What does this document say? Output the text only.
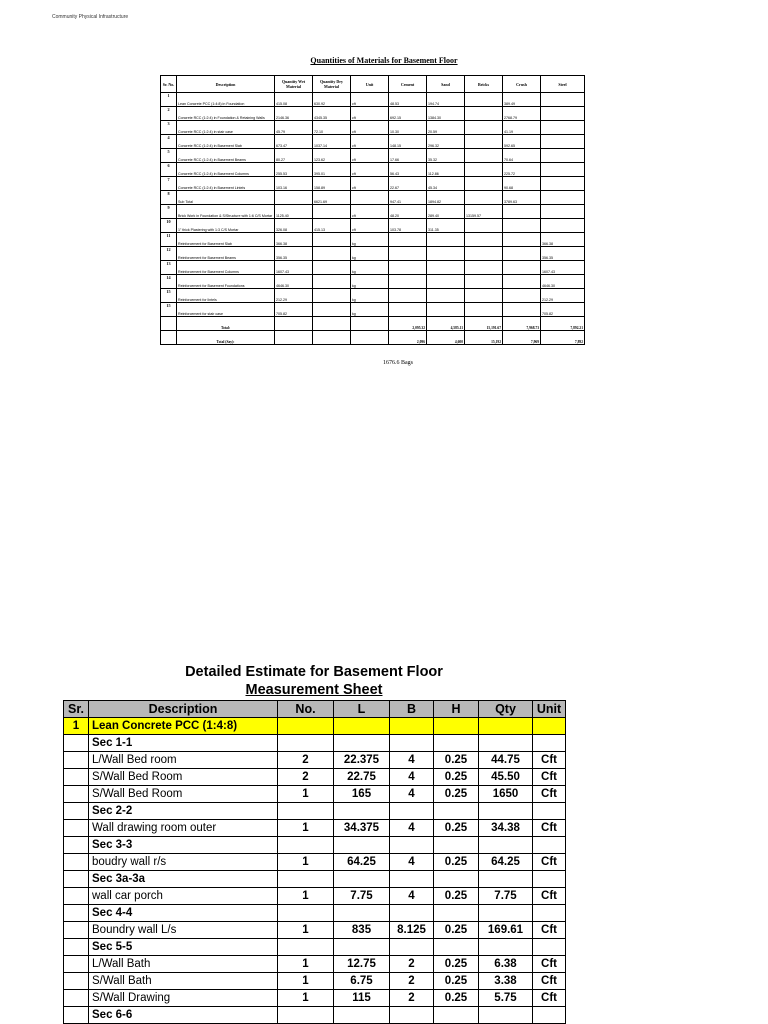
Community Physical Infrastructure
Quantities of Materials for Basement Floor
Sr. No.	Description	Quantity Wet Material	Quantity Dry Material	Unit	Cement	Sand	Bricks	Crush	Steel
1	Lean Concrete PCC (1:4:8) in Foundation	415.08	630.92	cft	48.53	194.74		389.49	
2	Concrete RCC (1:2:4) in Foundation & Retaining Walls	2146.36	4345.35	cft	692.15	1384.30		2768.79	
3	Concrete RCC (1:2:4) in stair case	45.79	72.10	cft	10.30	20.59		41.19	
4	Concrete RCC (1:2:4) in Basement Slab	673.47	1037.14	cft	148.15	296.32		592.65	
5	Concrete RCC (1:2:4) in Basement Beams	80.27	123.62	cft	17.66	35.32		70.64	
6	Concrete RCC (1:2:4) in Basement Columns	255.53	395.01	cft	56.43	112.86		225.72	
7	Concrete RCC (1:2:4) in Basement Lintels	103.16	158.89	cft	22.67	45.34		90.68	
8	Sub Total		6621.69		947.41	1894.82		3789.63	
9	Brick Work in Foundation & S/Structure with 1:6 C/S Mortar	1125.40		cft	48.20	289.40	13159.57		
10	1" thick Plastering with 1:3 C/S Mortar	326.08	415.13	cft	103.78	311.35			
11	Reinforcement for Basement Slab	366.38		kg					366.38
12	Reinforcement for Basement Beams	356.35		kg					356.35
13	Reinforcement for Basement Columns	1607.43		kg					1607.43
14	Reinforcement for Basement Foundations	4646.30		kg					4646.30
15	Reinforcement for lintels	212.29		kg					212.29
15	Reinforcement for stair case	705.82		kg					705.82
	Total:				2,095.32	4,585.11	15,191.67	7,968.73	7,892.21
	Total (Say):				2,096	4,600	15,192	7,969	7,892
1676.6 Bags
Detailed Estimate for Basement Floor
Measurement Sheet
Sr.	Description	No.	L	B	H	Qty	Unit
1	Lean Concrete PCC (1:4:8)						
	Sec 1-1						
	L/Wall Bed room	2	22.375	4	0.25	44.75	Cft
	S/Wall Bed Room	2	22.75	4	0.25	45.50	Cft
	S/Wall Bed Room	1	165	4	0.25	1650	Cft
	Sec 2-2						
	Wall drawing room outer	1	34.375	4	0.25	34.38	Cft
	Sec 3-3						
	boudry wall r/s	1	64.25	4	0.25	64.25	Cft
	Sec 3a-3a						
	wall car porch	1	7.75	4	0.25	7.75	Cft
	Sec 4-4						
	Boundry wall L/s	1	835	8.125	0.25	169.61	Cft
	Sec 5-5						
	L/Wall Bath	1	12.75	2	0.25	6.38	Cft
	S/Wall Bath	1	6.75	2	0.25	3.38	Cft
	S/Wall Drawing	1	115	2	0.25	5.75	Cft
	Sec 6-6						
